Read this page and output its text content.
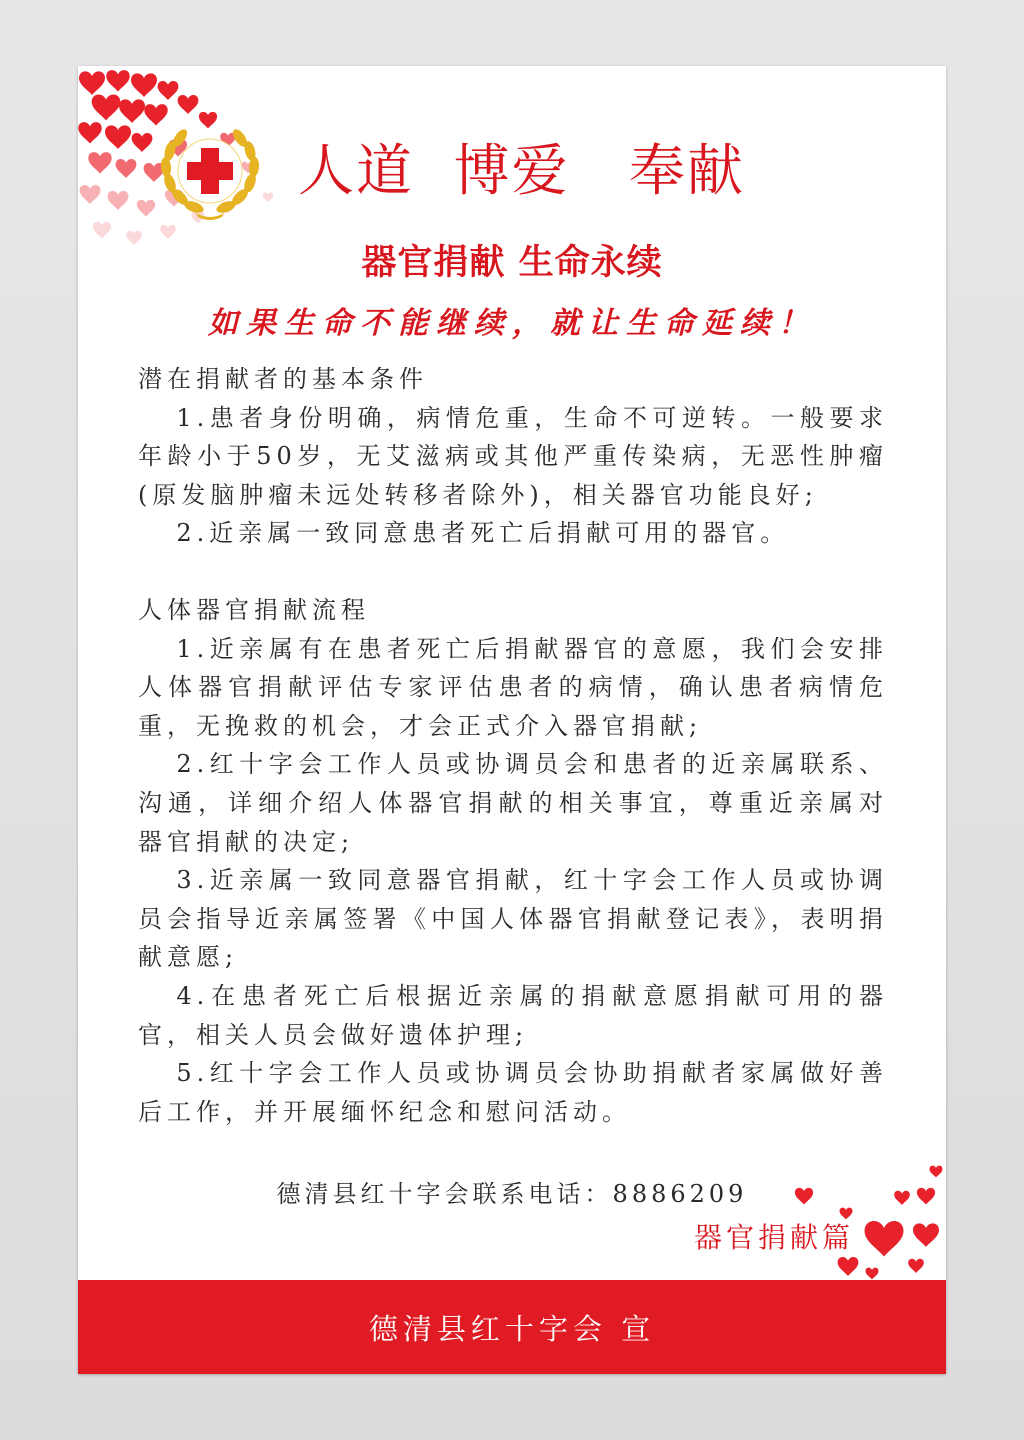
人道  博爱   奉献
器官捐献 生命永续
如果生命不能继续，就让生命延续！

潜在捐献者的基本条件

1.患者身份明确，病情危重，生命不可逆转。一般要求年龄小于50岁，无艾滋病或其他严重传染病，无恶性肿瘤(原发脑肿瘤未远处转移者除外)，相关器官功能良好;

2.近亲属一致同意患者死亡后捐献可用的器官。

人体器官捐献流程

1.近亲属有在患者死亡后捐献器官的意愿，我们会安排人体器官捐献评估专家评估患者的病情，确认患者病情危重，无挽救的机会，才会正式介入器官捐献;

2.红十字会工作人员或协调员会和患者的近亲属联系、沟通，详细介绍人体器官捐献的相关事宜，尊重近亲属对器官捐献的决定;

3.近亲属一致同意器官捐献，红十字会工作人员或协调员会指导近亲属签署《中国人体器官捐献登记表》，表明捐献意愿;

4.在患者死亡后根据近亲属的捐献意愿捐献可用的器官，相关人员会做好遗体护理;

5.红十字会工作人员或协调员会协助捐献者家属做好善后工作，并开展缅怀纪念和慰问活动。

德清县红十字会联系电话：8886209
器官捐献篇
德清县红十字会 宣
